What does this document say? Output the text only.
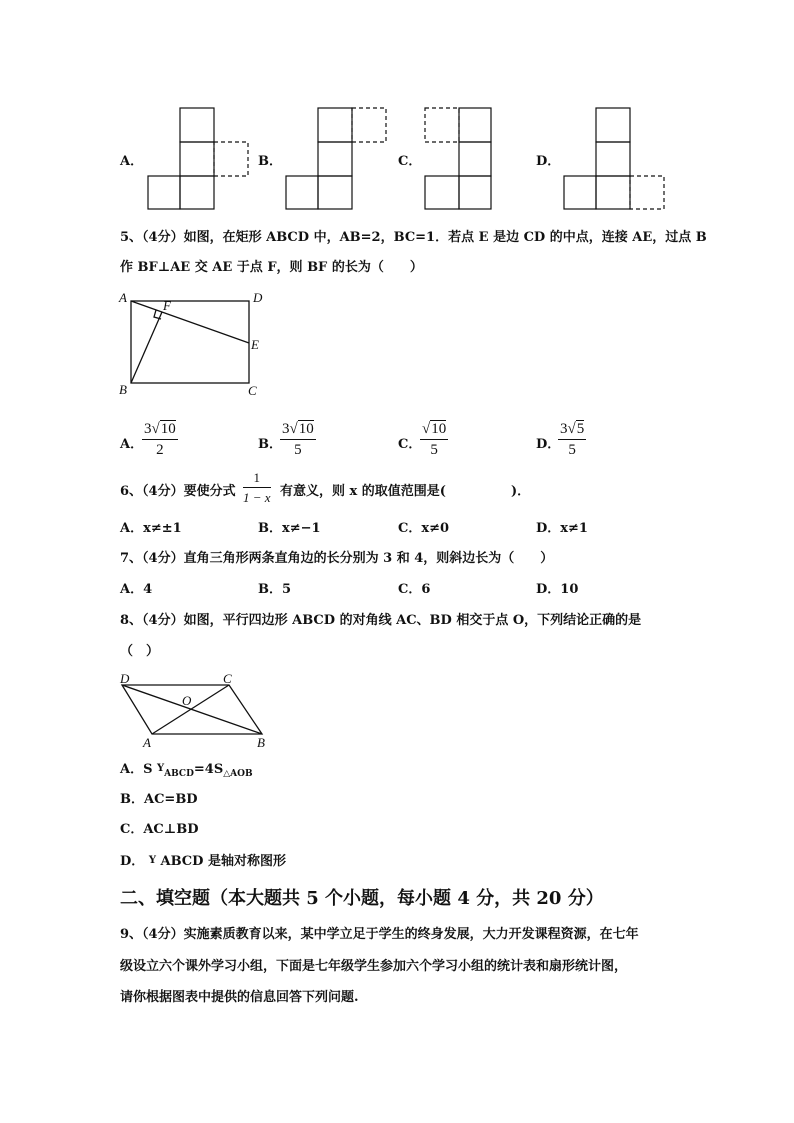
A．	B．	C．	D．
5、（4分）如图，在矩形 ABCD 中，AB=2，BC=1．若点 E 是边 CD 的中点，连接 AE，过点 B
作 BF⊥AE 交 AE 于点 F，则 BF 的长为（　　）
A	D
F
E
B	C
A．
3√10
2	B．
3√10
5	C．
√10
5	D．
3√5
5
6、（4分）要使分式
1
1 − x 有意义，则 x 的取值范围是(　　　　　)．
A．x≠±1	B．x≠−1	C．x≠0	D．x≠1
7、（4分）直角三角形两条直角边的长分别为 3 和 4，则斜边长为（　　）
A．4	B．5	C．6	D．10
8、（4分）如图，平行四边形 ABCD 的对角线 AC、BD 相交于点 O，下列结论正确的是
（　）
D	C
O
A	B
A．S $Y_{ABCD}=4S_{\triangle AOB}$
B．AC=BD
C．AC⊥BD
D． Y ABCD 是轴对称图形
二、填空题（本大题共 5 个小题，每小题 4 分，共 20 分）
9、（4分）实施素质教育以来，某中学立足于学生的终身发展，大力开发课程资源，在七年
级设立六个课外学习小组，下面是七年级学生参加六个学习小组的统计表和扇形统计图，
请你根据图表中提供的信息回答下列问题.
